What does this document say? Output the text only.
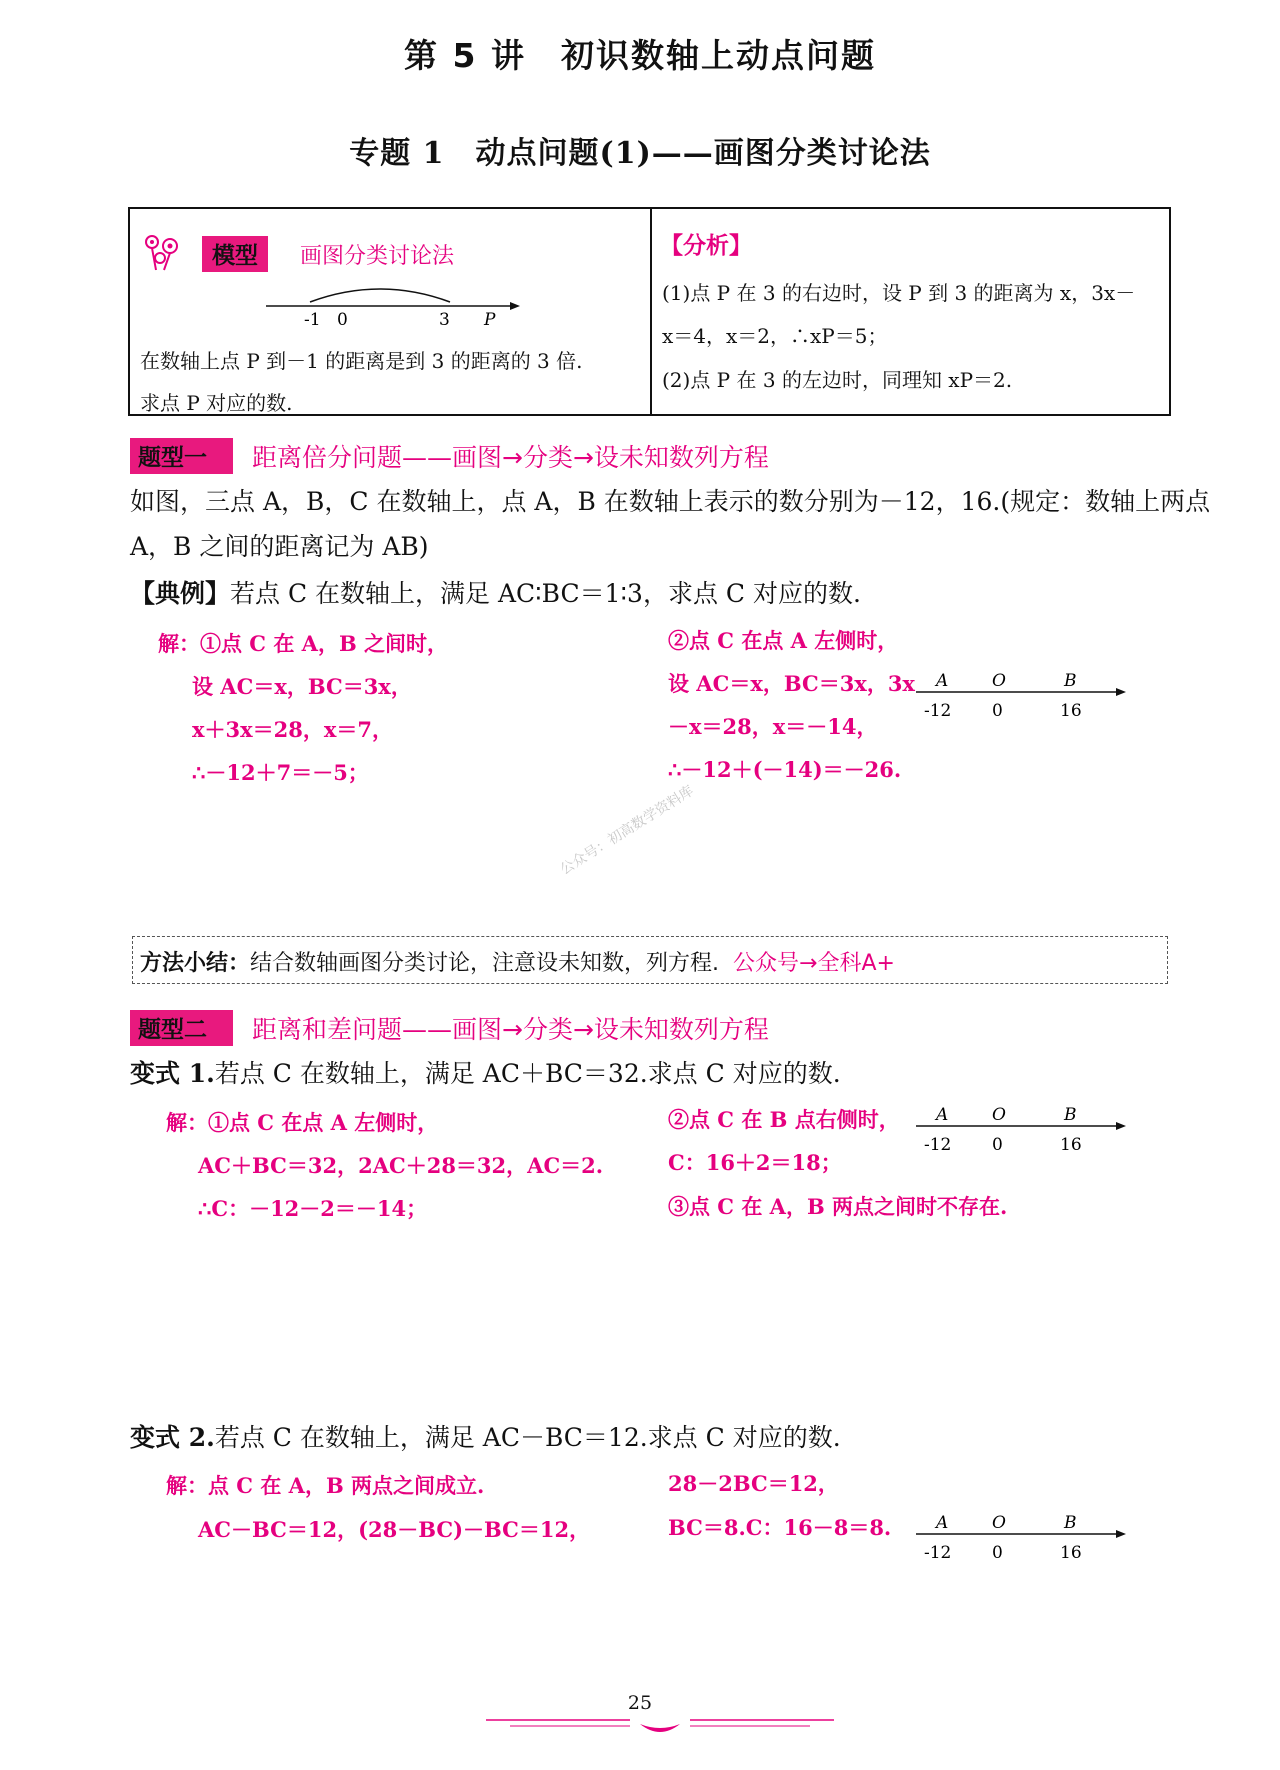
第 5 讲　初识数轴上动点问题
专题 1　动点问题(1)——画图分类讨论法
模型	画图分类讨论法
-1 0	3 P
在数轴上点 P 到－1 的距离是到 3 的距离的 3 倍.
求点 P 对应的数.
【分析】
(1)点 P 在 3 的右边时，设 P 到 3 的距离为 x，3x－
x＝4，x＝2，∴xP＝5；
(2)点 P 在 3 的左边时，同理知 xP＝2.
题型一	距离倍分问题——画图→分类→设未知数列方程
如图，三点 A，B，C 在数轴上，点 A，B 在数轴上表示的数分别为－12，16.(规定：数轴上两点
A，B 之间的距离记为 AB)
【典例】若点 C 在数轴上，满足 AC∶BC＝1∶3，求点 C 对应的数.
解：①点 C 在 A，B 之间时，
设 AC＝x，BC＝3x，
x＋3x＝28，x＝7，
∴－12＋7＝－5；
②点 C 在点 A 左侧时，
设 AC＝x，BC＝3x，3x
－x＝28，x＝－14，
∴－12＋(－14)＝－26.
A	O	B
-12 0	16
公众号：初高数学资料库
方法小结：结合数轴画图分类讨论，注意设未知数，列方程. 公众号→全科A+
题型二	距离和差问题——画图→分类→设未知数列方程
变式 1.若点 C 在数轴上，满足 AC＋BC＝32.求点 C 对应的数.
解：①点 C 在点 A 左侧时，
AC＋BC＝32，2AC＋28＝32，AC＝2.
∴C：－12－2＝－14；
②点 C 在 B 点右侧时，
C：16＋2＝18；
③点 C 在 A，B 两点之间时不存在.
A	O	B
-12 0	16
变式 2.若点 C 在数轴上，满足 AC－BC＝12.求点 C 对应的数.
解：点 C 在 A，B 两点之间成立.
AC－BC＝12，(28－BC)－BC＝12，
28－2BC＝12，
BC＝8.C：16－8＝8.	A	O	B
-12 0	16
25
